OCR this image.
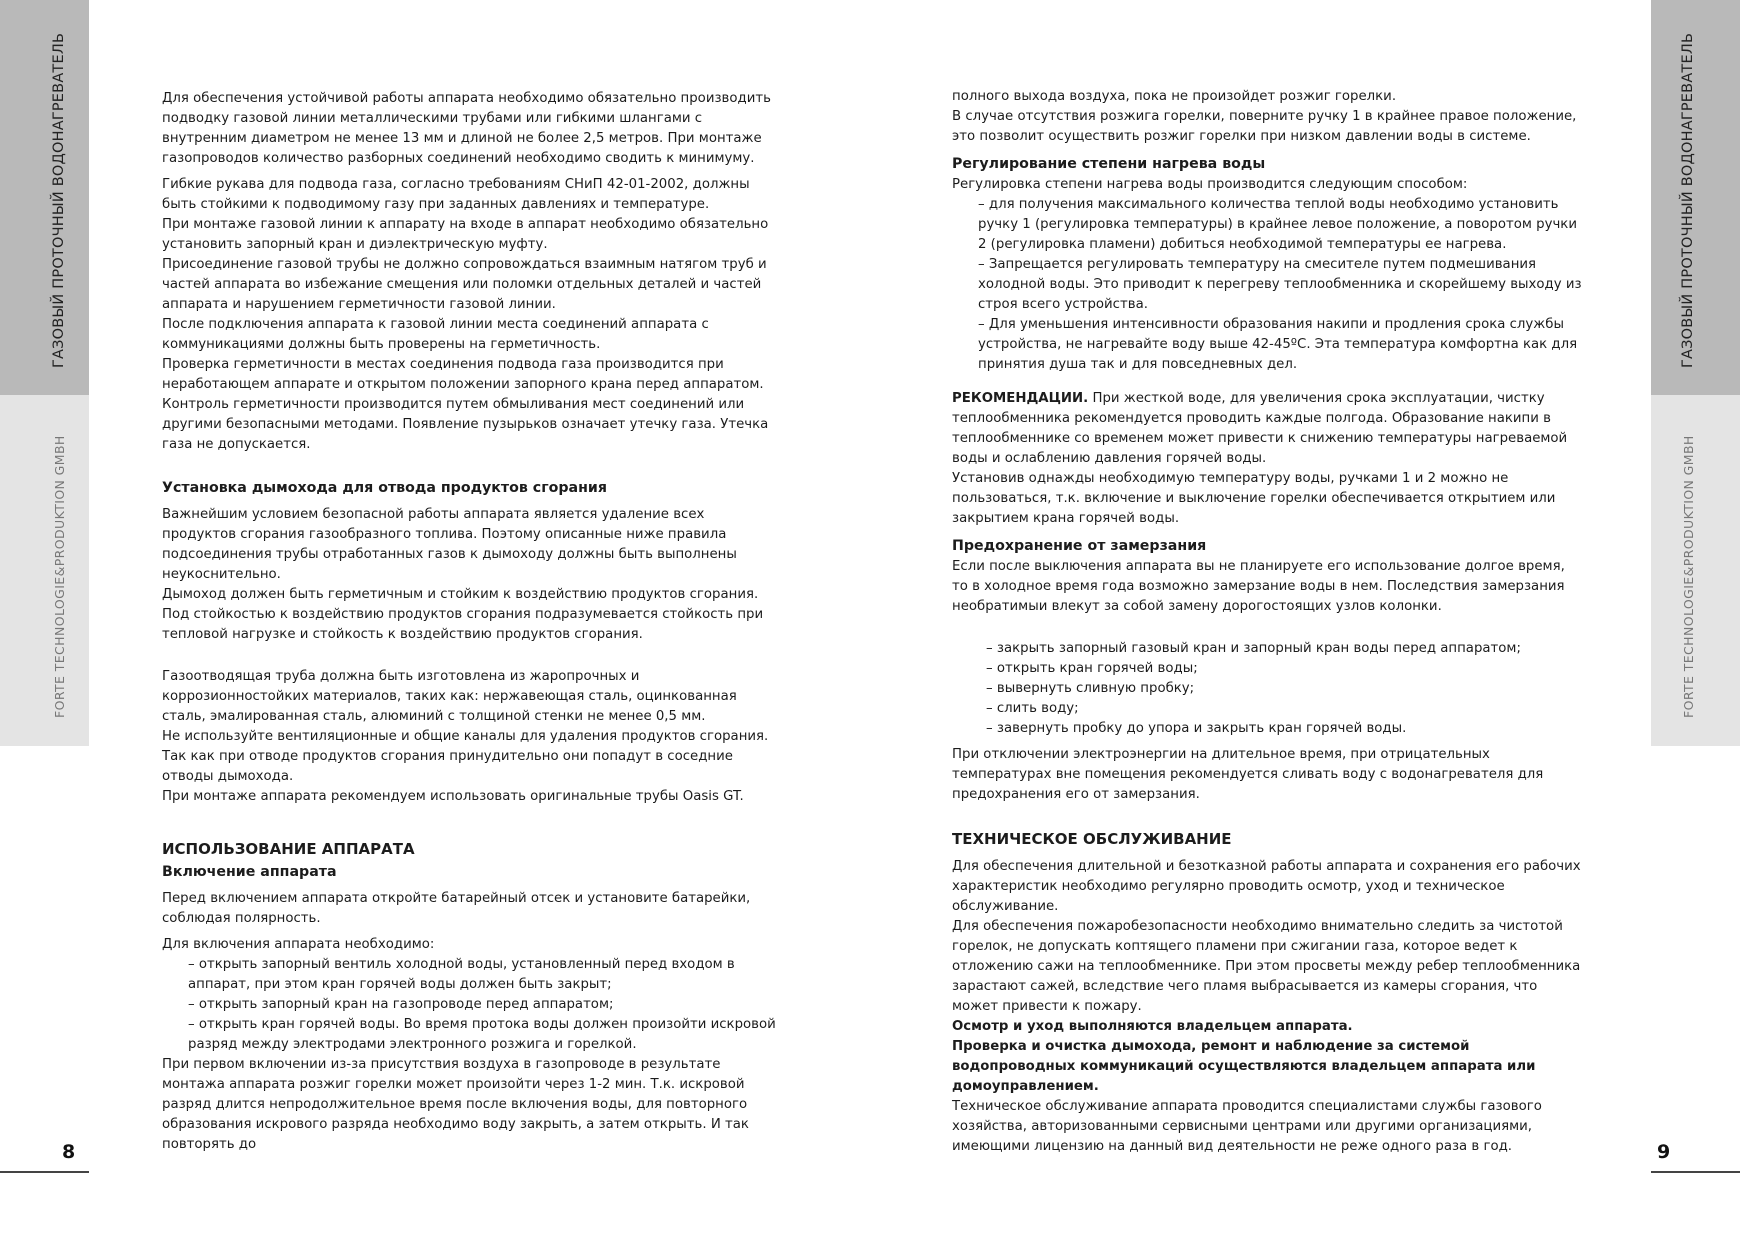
ГАЗОВЫЙ ПРОТОЧНЫЙ ВОДОНАГРЕВАТЕЛЬ
FORTE TECHNOLOGIE&PRODUKTION GMBH
8
ГАЗОВЫЙ ПРОТОЧНЫЙ ВОДОНАГРЕВАТЕЛЬ
FORTE TECHNOLOGIE&PRODUKTION GMBH
9

Для обеспечения устойчивой работы аппарата необходимо обязательно производить подводку газовой линии металлическими трубами или гибкими шлангами с внутренним диаметром не менее 13 мм и длиной не более 2,5 метров. При монтаже газопроводов количество разборных соединений необходимо сводить к минимуму.

Гибкие рукава для подвода газа, согласно требованиям СНиП 42-01-2002, должны быть стойкими к подводимому газу при заданных давлениях и температуре.

При монтаже газовой линии к аппарату на входе в аппарат необходимо обязательно установить запорный кран и диэлектрическую муфту.

Присоединение газовой трубы не должно сопровождаться взаимным натягом труб и частей аппарата во избежание смещения или поломки отдельных деталей и частей аппарата и нарушением герметичности газовой линии.

После подключения аппарата к газовой линии места соединений аппарата с коммуникациями должны быть проверены на герметичность.

Проверка герметичности в местах соединения подвода газа производится при неработающем аппарате и открытом положении запорного крана перед аппаратом. Контроль герметичности производится путем обмыливания мест соединений или другими безопасными методами. Появление пузырьков означает утечку газа. Утечка газа не допускается.

Установка дымохода для отвода продуктов сгорания

Важнейшим условием безопасной работы аппарата является удаление всех продуктов сгорания газообразного топлива. Поэтому описанные ниже правила подсоединения трубы отработанных газов к дымоходу должны быть выполнены неукоснительно.

Дымоход должен быть герметичным и стойким к воздействию продуктов сгорания. Под стойкостью к воздействию продуктов сгорания подразумевается стойкость при тепловой нагрузке и стойкость к воздействию продуктов сгорания.

Газоотводящая труба должна быть изготовлена из жаропрочных и коррозионностойких материалов, таких как: нержавеющая сталь, оцинкованная сталь, эмалированная сталь, алюминий с толщиной стенки не менее 0,5 мм.

Не используйте вентиляционные и общие каналы для удаления продуктов сгорания. Так как при отводе продуктов сгорания принудительно они попадут в соседние отводы дымохода.

При монтаже аппарата рекомендуем использовать оригинальные трубы Oasis GT.

ИСПОЛЬЗОВАНИЕ АППАРАТА
Включение аппарата

Перед включением аппарата откройте батарейный отсек и установите батарейки, соблюдая полярность.

Для включения аппарата необходимо:

– открыть запорный вентиль холодной воды, установленный перед входом в аппарат, при этом кран горячей воды должен быть закрыт;

– открыть запорный кран на газопроводе перед аппаратом;

– открыть кран горячей воды. Во время протока воды должен произойти искровой разряд между электродами электронного розжига и горелкой.

При первом включении из-за присутствия воздуха в газопроводе в результате монтажа аппарата розжиг горелки может произойти через 1-2 мин. Т.к. искровой разряд длится непродолжительное время после включения воды, для повторного образования искрового разряда необходимо воду закрыть, а затем открыть. И так повторять до

полного выхода воздуха, пока не произойдет розжиг горелки.

В случае отсутствия розжига горелки, поверните ручку 1 в крайнее правое положение, это позволит осуществить розжиг горелки при низком давлении воды в системе.

Регулирование степени нагрева воды

Регулировка степени нагрева воды производится следующим способом:

– для получения максимального количества теплой воды необходимо установить ручку 1 (регулировка температуры) в крайнее левое положение, а поворотом ручки 2 (регулировка пламени) добиться необходимой температуры ее нагрева.

– Запрещается регулировать температуру на смесителе путем подмешивания холодной воды. Это приводит к перегреву теплообменника и скорейшему выходу из строя всего устройства.

– Для уменьшения интенсивности образования накипи и продления срока службы устройства, не нагревайте воду выше 42-45ºC. Эта температура комфортна как для принятия душа так и для повседневных дел.

РЕКОМЕНДАЦИИ. При жесткой воде, для увеличения срока эксплуатации, чистку теплообменника рекомендуется проводить каждые полгода. Образование накипи в теплообменнике со временем может привести к снижению температуры нагреваемой воды и ослаблению давления горячей воды.

Установив однажды необходимую температуру воды, ручками 1 и 2 можно не пользоваться, т.к. включение и выключение горелки обеспечивается открытием или закрытием крана горячей воды.

Предохранение от замерзания

Если после выключения аппарата вы не планируете его использование долгое время, то в холодное время года возможно замерзание воды в нем. Последствия замерзания необратимыи влекут за собой замену дорогостоящих узлов колонки.

– закрыть запорный газовый кран и запорный кран воды перед аппаратом;

– открыть кран горячей воды;

– вывернуть сливную пробку;

– слить воду;

– завернуть пробку до упора и закрыть кран горячей воды.

При отключении электроэнергии на длительное время, при отрицательных температурах вне помещения рекомендуется сливать воду с водонагревателя для предохранения его от замерзания.

ТЕХНИЧЕСКОЕ ОБСЛУЖИВАНИЕ

Для обеспечения длительной и безотказной работы аппарата и сохранения его рабочих характеристик необходимо регулярно проводить осмотр, уход и техническое обслуживание.

Для обеспечения пожаробезопасности необходимо внимательно следить за чистотой горелок, не допускать коптящего пламени при сжигании газа, которое ведет к отложению сажи на теплообменнике. При этом просветы между ребер теплообменника зарастают сажей, вследствие чего пламя выбрасывается из камеры сгорания, что может привести к пожару.

Осмотр и уход выполняются владельцем аппарата.

Проверка и очистка дымохода, ремонт и наблюдение за системой водопроводных коммуникаций осуществляются владельцем аппарата или домоуправлением.

Техническое обслуживание аппарата проводится специалистами службы газового хозяйства, авторизованными сервисными центрами или другими организациями, имеющими лицензию на данный вид деятельности не реже одного раза в год.
